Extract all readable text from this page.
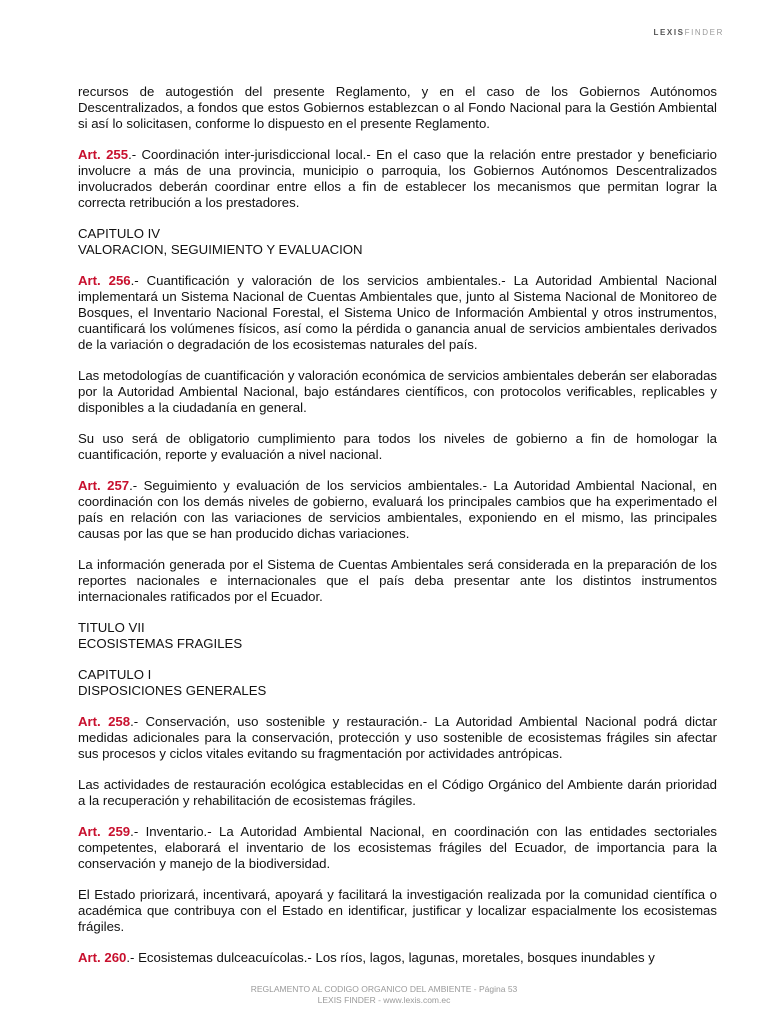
LEXISFINDER

recursos de autogestión del presente Reglamento, y en el caso de los Gobiernos Autónomos Descentralizados, a fondos que estos Gobiernos establezcan o al Fondo Nacional para la Gestión Ambiental si así lo solicitasen, conforme lo dispuesto en el presente Reglamento.

Art. 255.- Coordinación inter-jurisdiccional local.- En el caso que la relación entre prestador y beneficiario involucre a más de una provincia, municipio o parroquia, los Gobiernos Autónomos Descentralizados involucrados deberán coordinar entre ellos a fin de establecer los mecanismos que permitan lograr la correcta retribución a los prestadores.

CAPITULO IV

VALORACION, SEGUIMIENTO Y EVALUACION

Art. 256.- Cuantificación y valoración de los servicios ambientales.- La Autoridad Ambiental Nacional implementará un Sistema Nacional de Cuentas Ambientales que, junto al Sistema Nacional de Monitoreo de Bosques, el Inventario Nacional Forestal, el Sistema Unico de Información Ambiental y otros instrumentos, cuantificará los volúmenes físicos, así como la pérdida o ganancia anual de servicios ambientales derivados de la variación o degradación de los ecosistemas naturales del país.

Las metodologías de cuantificación y valoración económica de servicios ambientales deberán ser elaboradas por la Autoridad Ambiental Nacional, bajo estándares científicos, con protocolos verificables, replicables y disponibles a la ciudadanía en general.

Su uso será de obligatorio cumplimiento para todos los niveles de gobierno a fin de homologar la cuantificación, reporte y evaluación a nivel nacional.

Art. 257.- Seguimiento y evaluación de los servicios ambientales.- La Autoridad Ambiental Nacional, en coordinación con los demás niveles de gobierno, evaluará los principales cambios que ha experimentado el país en relación con las variaciones de servicios ambientales, exponiendo en el mismo, las principales causas por las que se han producido dichas variaciones.

La información generada por el Sistema de Cuentas Ambientales será considerada en la preparación de los reportes nacionales e internacionales que el país deba presentar ante los distintos instrumentos internacionales ratificados por el Ecuador.

TITULO VII

ECOSISTEMAS FRAGILES

CAPITULO I

DISPOSICIONES GENERALES

Art. 258.- Conservación, uso sostenible y restauración.- La Autoridad Ambiental Nacional podrá dictar medidas adicionales para la conservación, protección y uso sostenible de ecosistemas frágiles sin afectar sus procesos y ciclos vitales evitando su fragmentación por actividades antrópicas.

Las actividades de restauración ecológica establecidas en el Código Orgánico del Ambiente darán prioridad a la recuperación y rehabilitación de ecosistemas frágiles.

Art. 259.- Inventario.- La Autoridad Ambiental Nacional, en coordinación con las entidades sectoriales competentes, elaborará el inventario de los ecosistemas frágiles del Ecuador, de importancia para la conservación y manejo de la biodiversidad.

El Estado priorizará, incentivará, apoyará y facilitará la investigación realizada por la comunidad científica o académica que contribuya con el Estado en identificar, justificar y localizar espacialmente los ecosistemas frágiles.

Art. 260.- Ecosistemas dulceacuícolas.- Los ríos, lagos, lagunas, moretales, bosques inundables y

REGLAMENTO AL CODIGO ORGANICO DEL AMBIENTE - Página 53
LEXIS FINDER - www.lexis.com.ec
